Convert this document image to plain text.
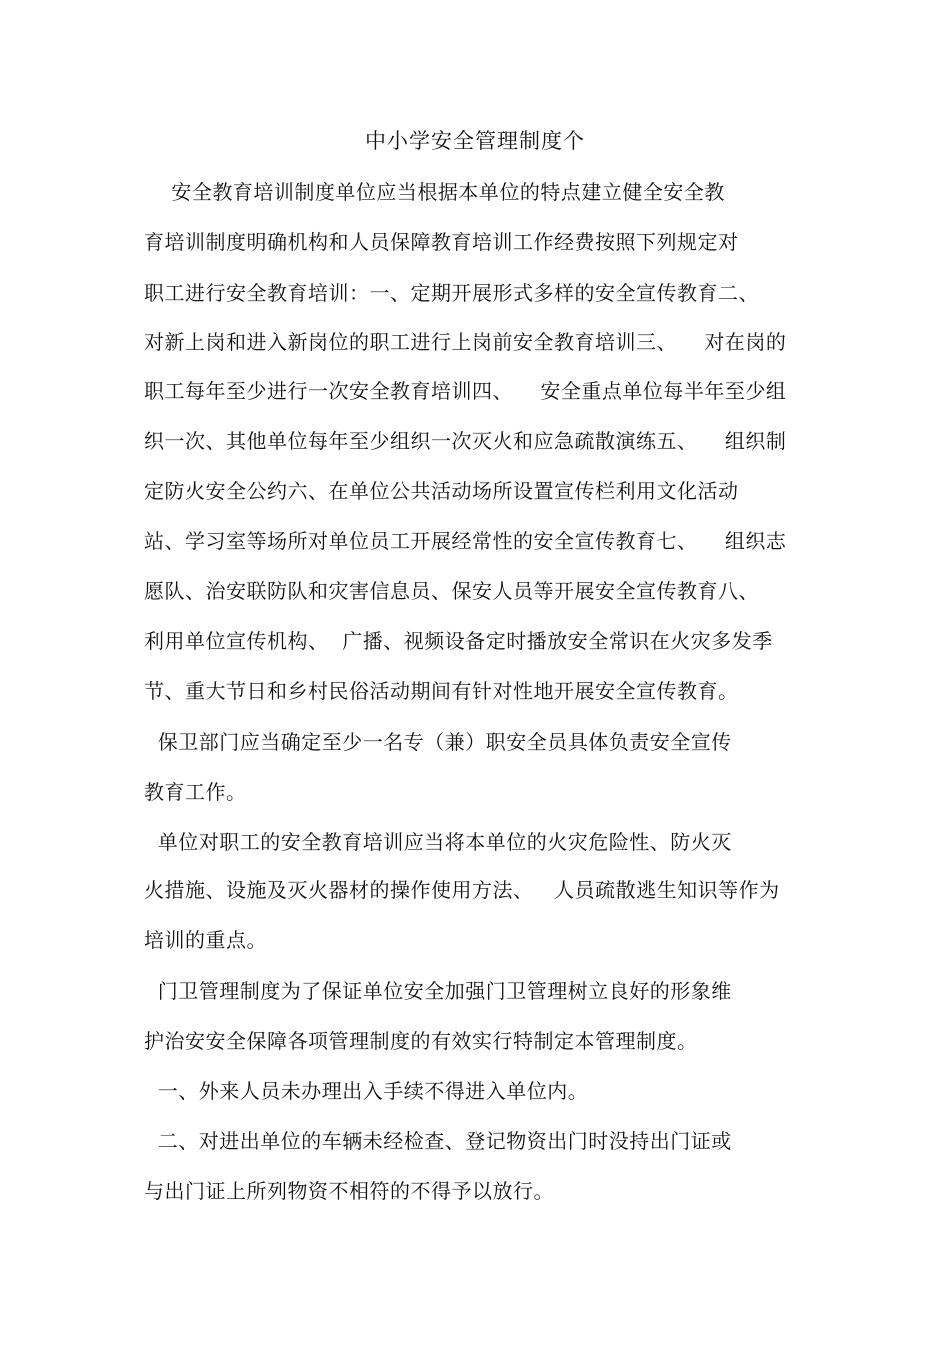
中小学安全管理制度个
安全教育培训制度单位应当根据本单位的特点建立健全安全教
育培训制度明确机构和人员保障教育培训工作经费按照下列规定对
职工进行安全教育培训：一、定期开展形式多样的安全宣传教育二、
对新上岗和进入新岗位的职工进行上岗前安全教育培训三、    对在岗的
职工每年至少进行一次安全教育培训四、    安全重点单位每半年至少组
织一次、其他单位每年至少组织一次灭火和应急疏散演练五、    组织制
定防火安全公约六、在单位公共活动场所设置宣传栏利用文化活动
站、学习室等场所对单位员工开展经常性的安全宣传教育七、    组织志
愿队、治安联防队和灾害信息员、保安人员等开展安全宣传教育八、
利用单位宣传机构、  广播、视频设备定时播放安全常识在火灾多发季
节、重大节日和乡村民俗活动期间有针对性地开展安全宣传教育。
保卫部门应当确定至少一名专（兼）职安全员具体负责安全宣传
教育工作。
单位对职工的安全教育培训应当将本单位的火灾危险性、防火灭
火措施、设施及灭火器材的操作使用方法、   人员疏散逃生知识等作为
培训的重点。
门卫管理制度为了保证单位安全加强门卫管理树立良好的形象维
护治安安全保障各项管理制度的有效实行特制定本管理制度。
一、外来人员未办理出入手续不得进入单位内。
二、对进出单位的车辆未经检查、登记物资出门时没持出门证或
与出门证上所列物资不相符的不得予以放行。
